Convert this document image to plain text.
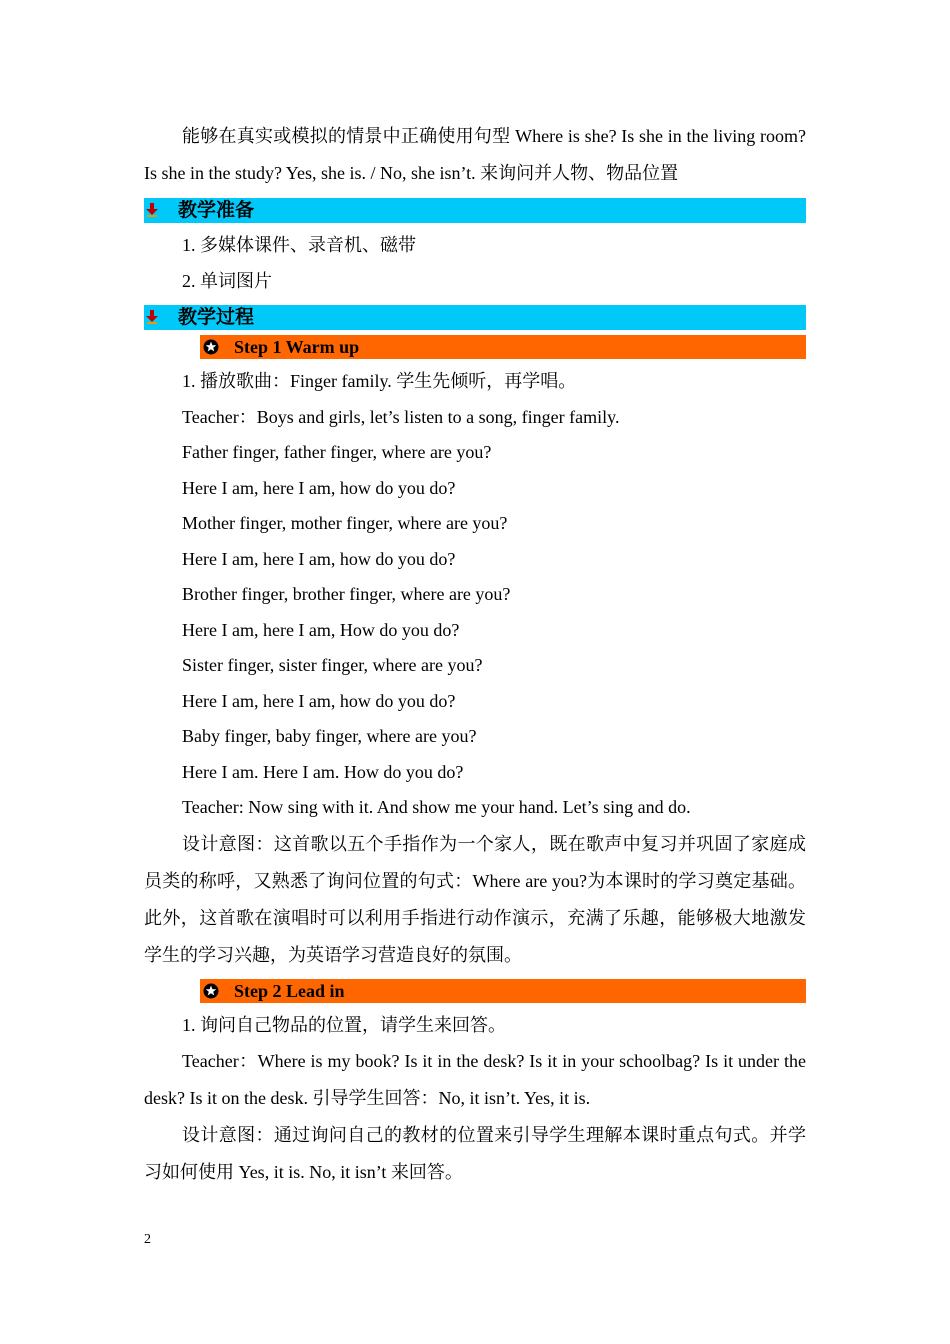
能够在真实或模拟的情景中正确使用句型 Where is she? Is she in the living room? Is she in the study? Yes, she is. / No, she isn’t. 来询问并人物、物品位置

教学准备

1. 多媒体课件、录音机、磁带

2. 单词图片

教学过程
Step 1 Warm up

1. 播放歌曲：Finger family. 学生先倾听，再学唱。

Teacher：Boys and girls, let’s listen to a song, finger family.

Father finger, father finger, where are you?

Here I am, here I am, how do you do?

Mother finger, mother finger, where are you?

Here I am, here I am, how do you do?

Brother finger, brother finger, where are you?

Here I am, here I am, How do you do?

Sister finger, sister finger, where are you?

Here I am, here I am, how do you do?

Baby finger, baby finger, where are you?

Here I am. Here I am. How do you do?

Teacher: Now sing with it. And show me your hand. Let’s sing and do.

设计意图：这首歌以五个手指作为一个家人，既在歌声中复习并巩固了家庭成员类的称呼，又熟悉了询问位置的句式：Where are you?为本课时的学习奠定基础。此外，这首歌在演唱时可以利用手指进行动作演示，充满了乐趣，能够极大地激发学生的学习兴趣，为英语学习营造良好的氛围。

Step 2 Lead in

1. 询问自己物品的位置，请学生来回答。

Teacher：Where is my book? Is it in the desk? Is it in your schoolbag? Is it under the desk? Is it on the desk. 引导学生回答：No, it isn’t. Yes, it is.

设计意图：通过询问自己的教材的位置来引导学生理解本课时重点句式。并学习如何使用 Yes, it is. No, it isn’t 来回答。

2
